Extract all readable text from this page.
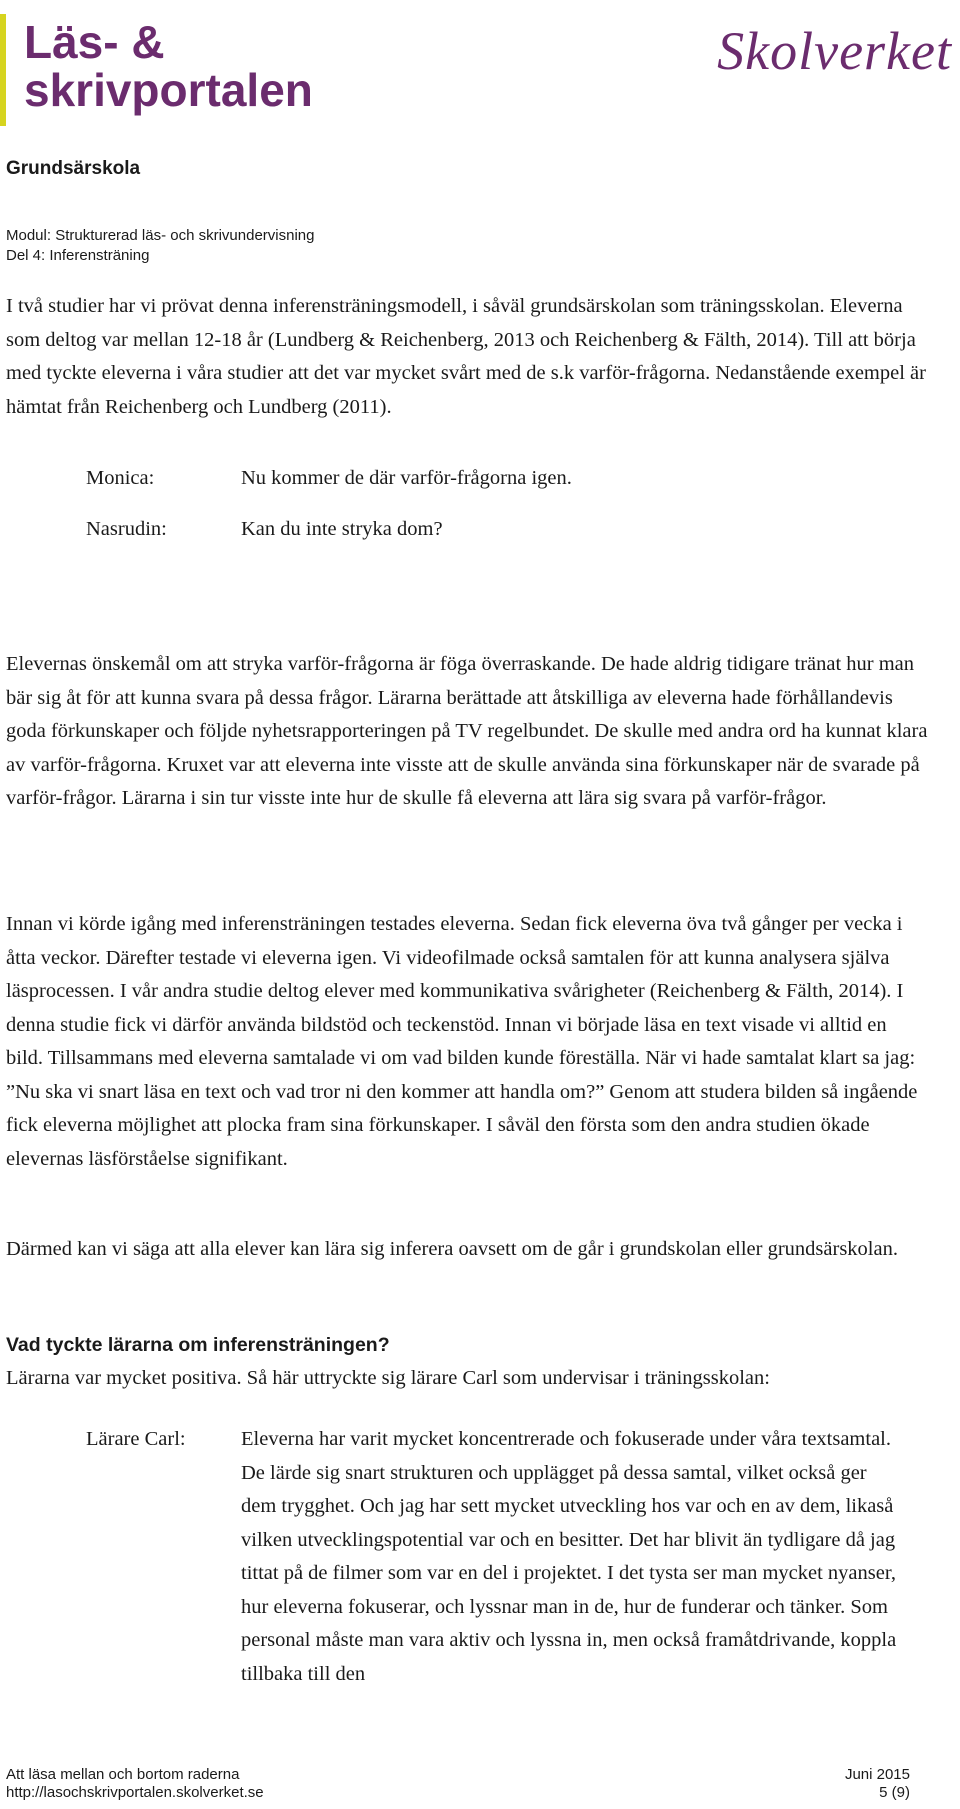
Läs- &
skrivportalen
Skolverket
Grundsärskola
Modul: Strukturerad läs- och skrivundervisning
Del 4: Inferensträning

I två studier har vi prövat denna inferensträningsmodell, i såväl grundsärskolan som träningsskolan. Eleverna som deltog var mellan 12-18 år (Lundberg & Reichenberg, 2013 och Reichenberg & Fälth, 2014). Till att börja med tyckte eleverna i våra studier att det var mycket svårt med de s.k varför-frågorna. Nedanstående exempel är hämtat från Reichenberg och Lundberg (2011).

Monica:	Nu kommer de där varför-frågorna igen.
Nasrudin:	Kan du inte stryka dom?

Elevernas önskemål om att stryka varför-frågorna är föga överraskande. De hade aldrig tidigare tränat hur man bär sig åt för att kunna svara på dessa frågor. Lärarna berättade att åtskilliga av eleverna hade förhållandevis goda förkunskaper och följde nyhetsrapporteringen på TV regelbundet. De skulle med andra ord ha kunnat klara av varför-frågorna. Kruxet var att eleverna inte visste att de skulle använda sina förkunskaper när de svarade på varför-frågor. Lärarna i sin tur visste inte hur de skulle få eleverna att lära sig svara på varför-frågor.

Innan vi körde igång med inferensträningen testades eleverna. Sedan fick eleverna öva två gånger per vecka i åtta veckor. Därefter testade vi eleverna igen. Vi videofilmade också samtalen för att kunna analysera själva läsprocessen. I vår andra studie deltog elever med kommunikativa svårigheter (Reichenberg & Fälth, 2014). I denna studie fick vi därför använda bildstöd och teckenstöd. Innan vi började läsa en text visade vi alltid en bild. Tillsammans med eleverna samtalade vi om vad bilden kunde föreställa. När vi hade samtalat klart sa jag: ”Nu ska vi snart läsa en text och vad tror ni den kommer att handla om?” Genom att studera bilden så ingående fick eleverna möjlighet att plocka fram sina förkunskaper. I såväl den första som den andra studien ökade elevernas läsförståelse signifikant.

Därmed kan vi säga att alla elever kan lära sig inferera oavsett om de går i grundskolan eller grundsärskolan.

Vad tyckte lärarna om inferensträningen?

Lärarna var mycket positiva. Så här uttryckte sig lärare Carl som undervisar i träningsskolan:

Lärare Carl:	Eleverna har varit mycket koncentrerade och fokuserade under våra textsamtal. De lärde sig snart strukturen och upplägget på dessa samtal, vilket också ger dem trygghet. Och jag har sett mycket utveckling hos var och en av dem, likaså vilken utvecklingspotential var och en besitter. Det har blivit än tydligare då jag tittat på de filmer som var en del i projektet. I det tysta ser man mycket nyanser, hur eleverna fokuserar, och lyssnar man in de, hur de funderar och tänker. Som personal måste man vara aktiv och lyssna in, men också framåtdrivande, koppla tillbaka till den
Att läsa mellan och bortom raderna	Juni 2015
http://lasochskrivportalen.skolverket.se	5 (9)
